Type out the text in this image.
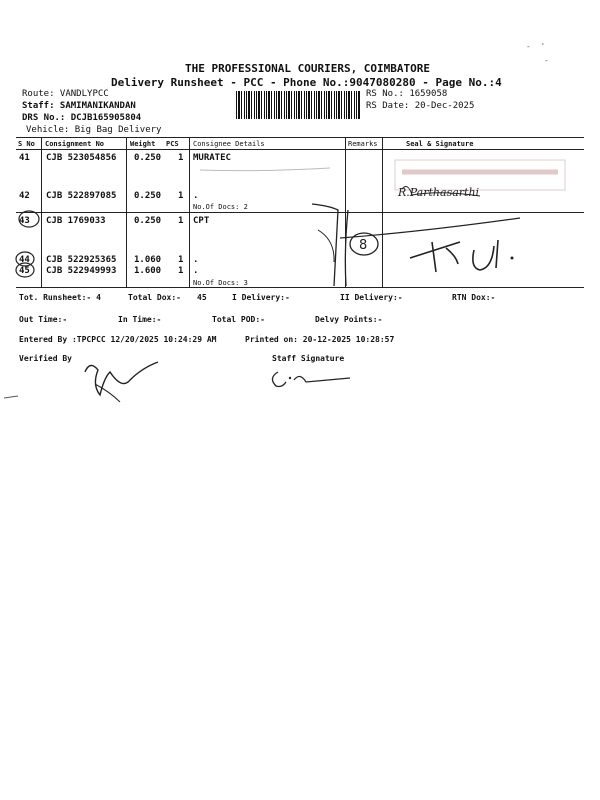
THE PROFESSIONAL COURIERS, COIMBATORE
Delivery Runsheet - PCC - Phone No.:9047080280 - Page No.:4
Route: VANDLYPCC
Staff: SAMIMANIKANDAN
DRS No.: DCJB165905804
Vehicle: Big Bag Delivery
RS No.: 1659058
RS Date: 20-Dec-2025
-  '
-
S No Consignment No	Weight PCS Consignee Details	Remarks	Seal & Signature
41 CJB 523054856 0.250 1 MURATEC
42 CJB 522897085 0.250 1 .
No.Of Docs: 2
43 CJB 1769033	0.250 1 CPT
44 CJB 522925365 1.060 1 .
45 CJB 522949993 1.600 1 .
No.Of Docs: 3
8
R.Parthasarthi
Tot. Runsheet:- 4	Total Dox:- 45	I Delivery:-	II Delivery:-	RTN Dox:-
Out Time:-	In Time:-	Total POD:-	Delvy Points:-
Entered By :TPCPCC 12/20/2025 10:24:29 AM	Printed on: 20-12-2025 10:28:57
Verified By	Staff Signature
